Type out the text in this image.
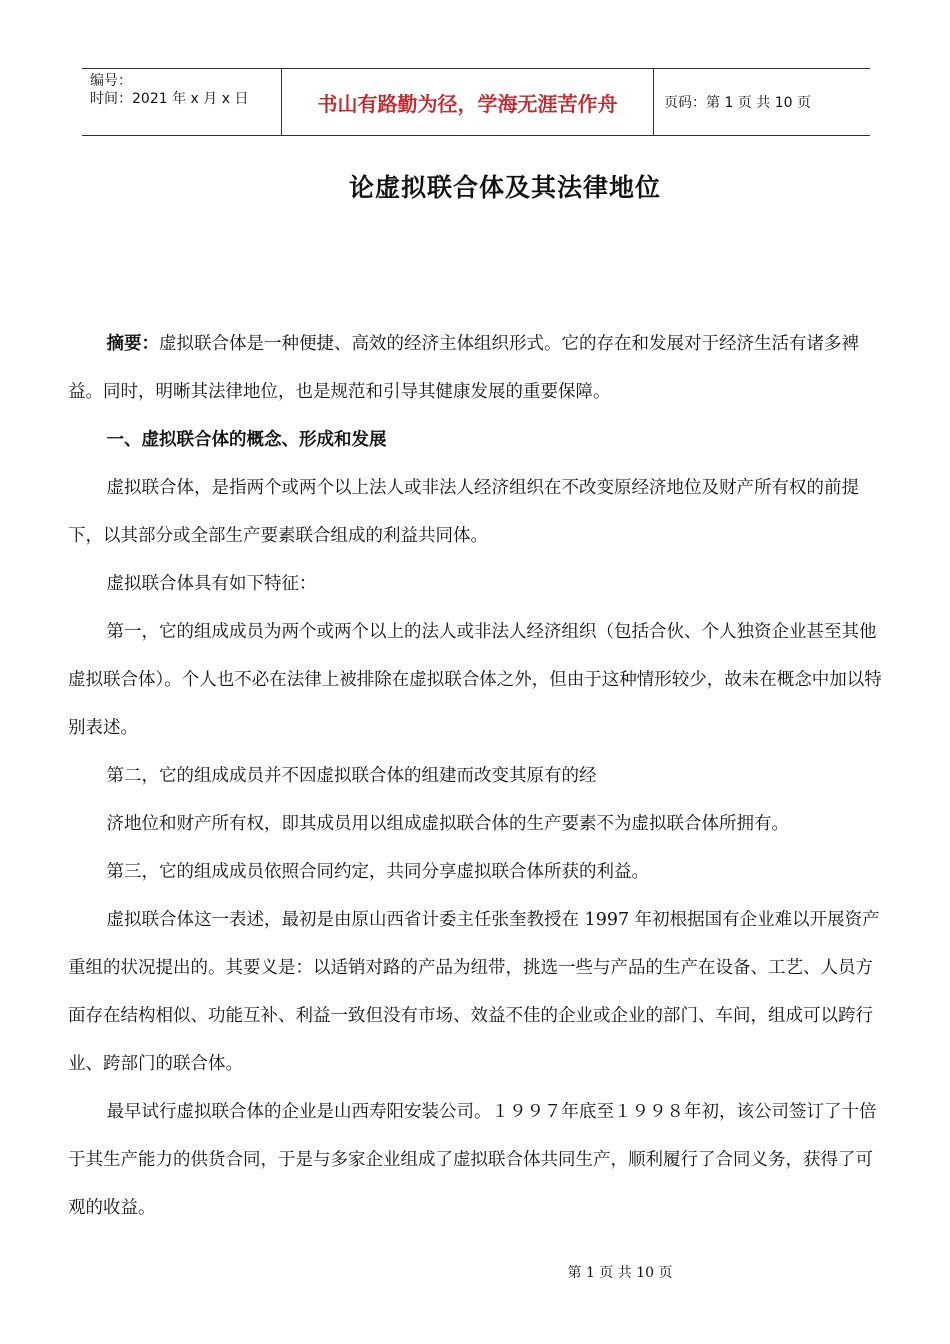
编号：
时间：2021 年 x 月 x 日	书山有路勤为径，学海无涯苦作舟	页码：第 1 页 共 10 页
论虚拟联合体及其法律地位

摘要：虚拟联合体是一种便捷、高效的经济主体组织形式。它的存在和发展对于经济生活有诸多裨益。同时，明晰其法律地位，也是规范和引导其健康发展的重要保障。

一、虚拟联合体的概念、形成和发展

虚拟联合体，是指两个或两个以上法人或非法人经济组织在不改变原经济地位及财产所有权的前提下，以其部分或全部生产要素联合组成的利益共同体。

虚拟联合体具有如下特征：

第一，它的组成成员为两个或两个以上的法人或非法人经济组织（包括合伙、个人独资企业甚至其他虚拟联合体）。个人也不必在法律上被排除在虚拟联合体之外，但由于这种情形较少，故未在概念中加以特别表述。

第二，它的组成成员并不因虚拟联合体的组建而改变其原有的经

济地位和财产所有权，即其成员用以组成虚拟联合体的生产要素不为虚拟联合体所拥有。

第三，它的组成成员依照合同约定，共同分享虚拟联合体所获的利益。

虚拟联合体这一表述，最初是由原山西省计委主任张奎教授在 1997 年初根据国有企业难以开展资产重组的状况提出的。其要义是：以适销对路的产品为纽带，挑选一些与产品的生产在设备、工艺、人员方面存在结构相似、功能互补、利益一致但没有市场、效益不佳的企业或企业的部门、车间，组成可以跨行业、跨部门的联合体。

最早试行虚拟联合体的企业是山西寿阳安装公司。１９９７年底至１９９８年初，该公司签订了十倍于其生产能力的供货合同，于是与多家企业组成了虚拟联合体共同生产，顺利履行了合同义务，获得了可观的收益。

第 1 页 共 10 页
